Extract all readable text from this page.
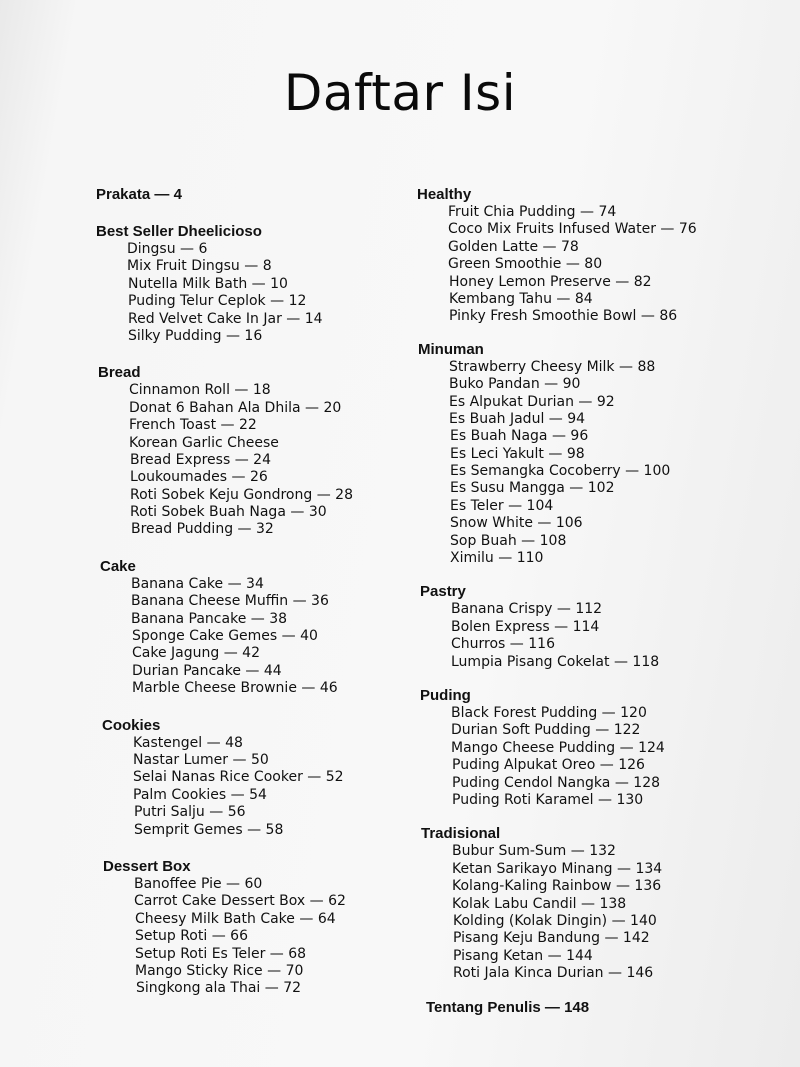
Daftar Isi
Prakata — 4
Best Seller Dheelicioso
Dingsu — 6
Mix Fruit Dingsu — 8
Nutella Milk Bath — 10
Puding Telur Ceplok — 12
Red Velvet Cake In Jar — 14
Silky Pudding — 16
Bread
Cinnamon Roll — 18
Donat 6 Bahan Ala Dhila — 20
French Toast — 22
Korean Garlic Cheese
Bread Express — 24
Loukoumades — 26
Roti Sobek Keju Gondrong — 28
Roti Sobek Buah Naga — 30
Bread Pudding — 32
Cake
Banana Cake — 34
Banana Cheese Muffin — 36
Banana Pancake — 38
Sponge Cake Gemes — 40
Cake Jagung — 42
Durian Pancake — 44
Marble Cheese Brownie — 46
Cookies
Kastengel — 48
Nastar Lumer — 50
Selai Nanas Rice Cooker — 52
Palm Cookies — 54
Putri Salju — 56
Semprit Gemes — 58
Dessert Box
Banoffee Pie — 60
Carrot Cake Dessert Box — 62
Cheesy Milk Bath Cake — 64
Setup Roti — 66
Setup Roti Es Teler — 68
Mango Sticky Rice — 70
Singkong ala Thai — 72
Healthy
Fruit Chia Pudding — 74
Coco Mix Fruits Infused Water — 76
Golden Latte — 78
Green Smoothie — 80
Honey Lemon Preserve — 82
Kembang Tahu — 84
Pinky Fresh Smoothie Bowl — 86
Minuman
Strawberry Cheesy Milk — 88
Buko Pandan — 90
Es Alpukat Durian — 92
Es Buah Jadul — 94
Es Buah Naga — 96
Es Leci Yakult — 98
Es Semangka Cocoberry — 100
Es Susu Mangga — 102
Es Teler — 104
Snow White — 106
Sop Buah — 108
Ximilu — 110
Pastry
Banana Crispy — 112
Bolen Express — 114
Churros — 116
Lumpia Pisang Cokelat — 118
Puding
Black Forest Pudding — 120
Durian Soft Pudding — 122
Mango Cheese Pudding — 124
Puding Alpukat Oreo — 126
Puding Cendol Nangka — 128
Puding Roti Karamel — 130
Tradisional
Bubur Sum-Sum — 132
Ketan Sarikayo Minang — 134
Kolang-Kaling Rainbow — 136
Kolak Labu Candil — 138
Kolding (Kolak Dingin) — 140
Pisang Keju Bandung — 142
Pisang Ketan — 144
Roti Jala Kinca Durian — 146
Tentang Penulis — 148
